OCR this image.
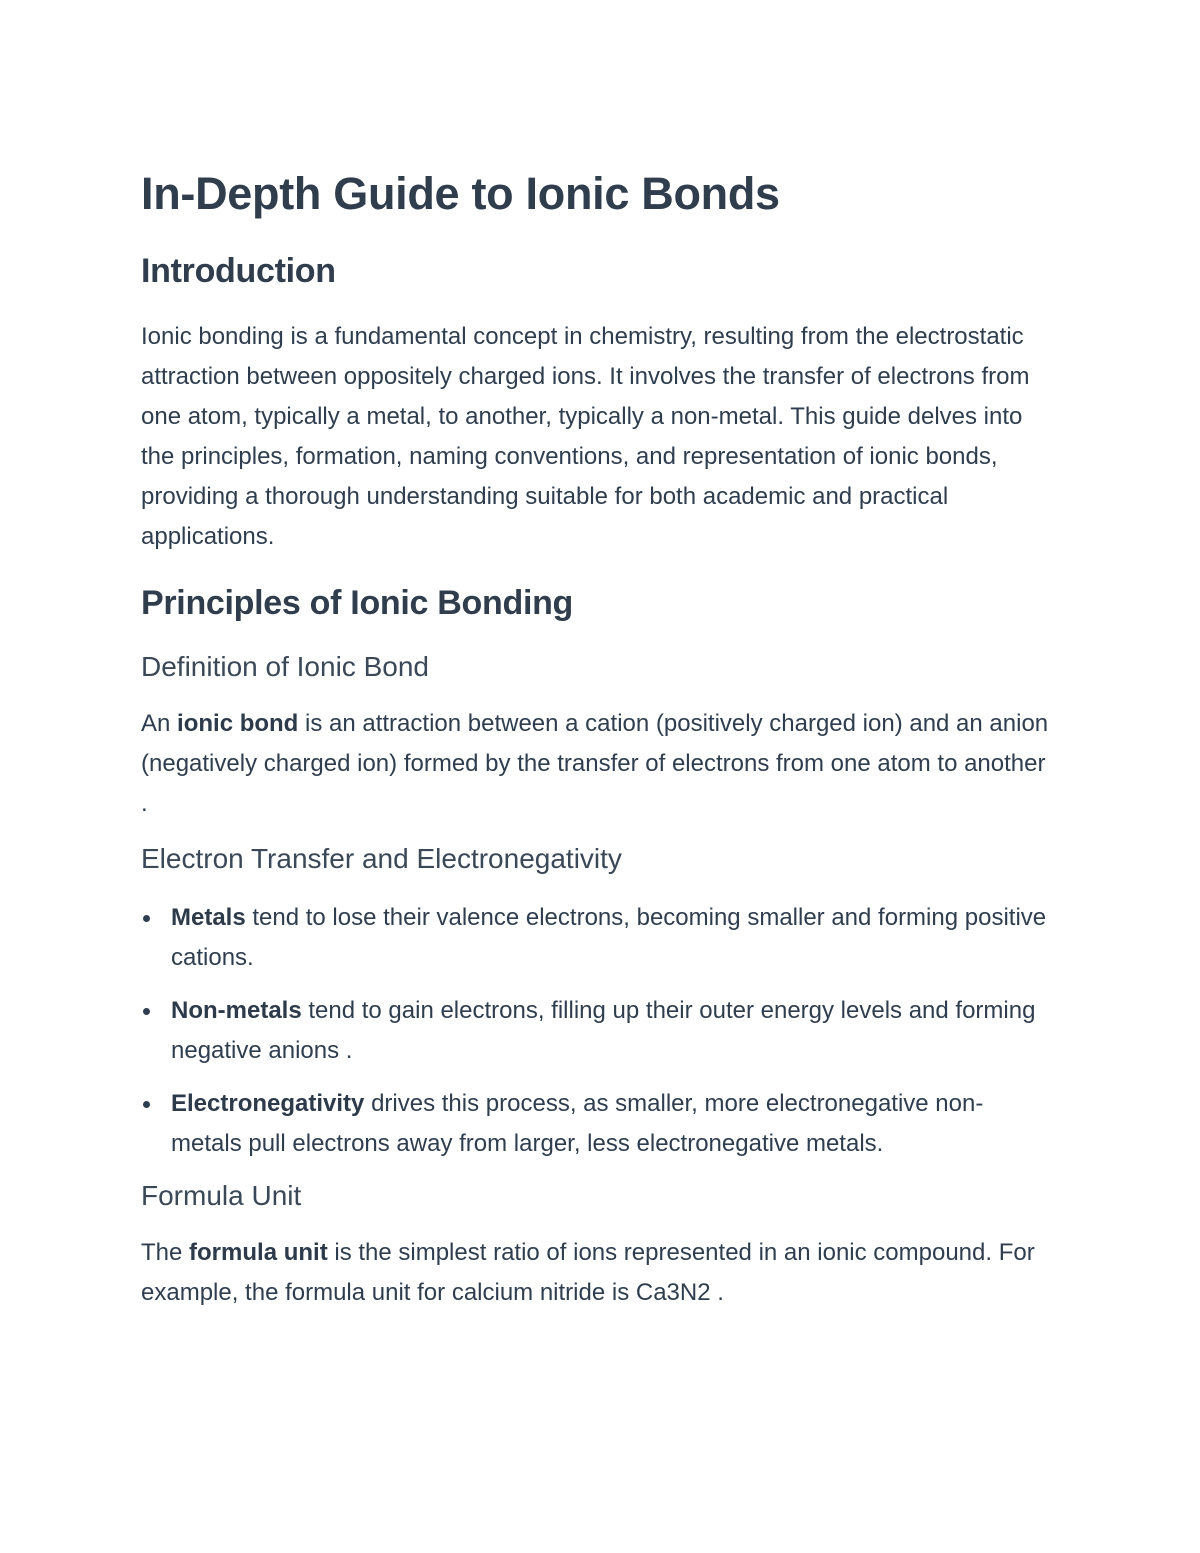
In-Depth Guide to Ionic Bonds
Introduction

Ionic bonding is a fundamental concept in chemistry, resulting from the electrostatic attraction between oppositely charged ions. It involves the transfer of electrons from one atom, typically a metal, to another, typically a non-metal. This guide delves into the principles, formation, naming conventions, and representation of ionic bonds, providing a thorough understanding suitable for both academic and practical applications.

Principles of Ionic Bonding
Definition of Ionic Bond

An ionic bond is an attraction between a cation (positively charged ion) and an anion (negatively charged ion) formed by the transfer of electrons from one atom to another .

Electron Transfer and Electronegativity
Metals tend to lose their valence electrons, becoming smaller and forming positive cations.
Non-metals tend to gain electrons, filling up their outer energy levels and forming negative anions .
Electronegativity drives this process, as smaller, more electronegative non-metals pull electrons away from larger, less electronegative metals.
Formula Unit

The formula unit is the simplest ratio of ions represented in an ionic compound. For example, the formula unit for calcium nitride is Ca3N2 .
